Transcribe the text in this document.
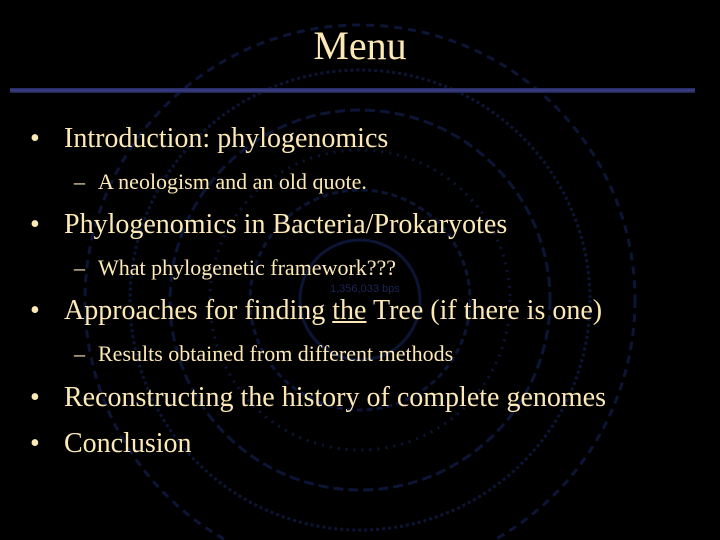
1,356,033 bps
Menu
• Introduction: phylogenomics
– A neologism and an old quote.
• Phylogenomics in Bacteria/Prokaryotes
– What phylogenetic framework???
• Approaches for finding the Tree (if there is one)
– Results obtained from different methods
• Reconstructing the history of complete genomes
• Conclusion
